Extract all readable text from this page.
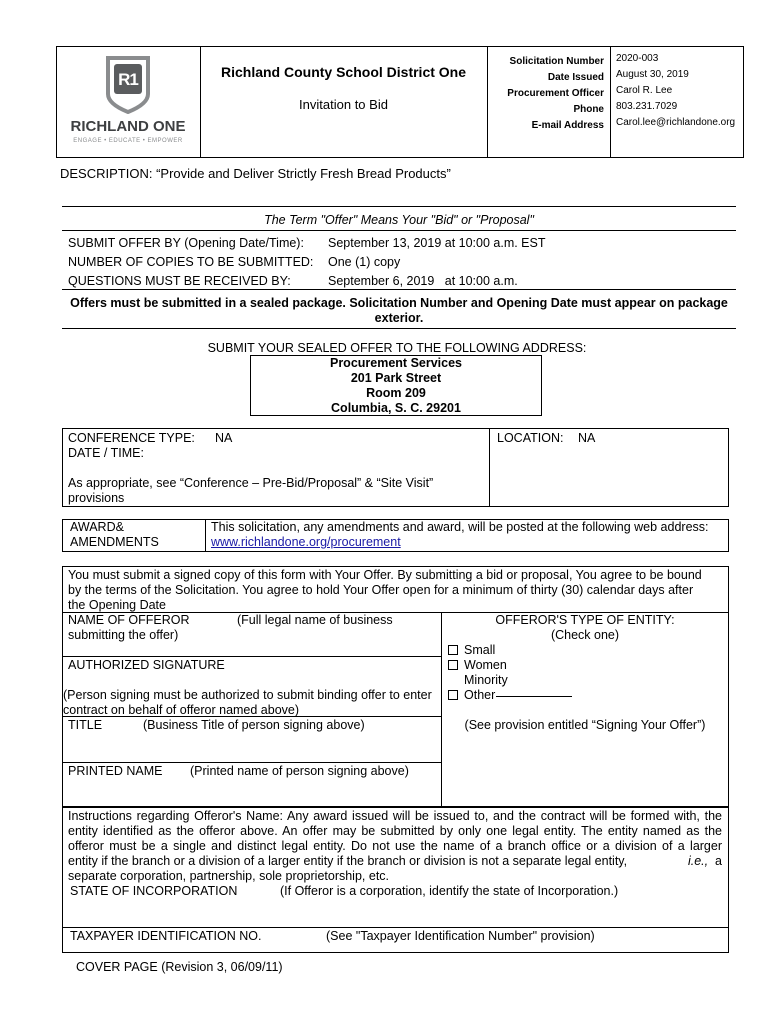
R1
RICHLAND ONE
ENGAGE • EDUCATE • EMPOWER
Richland County School District One
Invitation to Bid
Solicitation Number 2020-003
Date Issued August 30, 2019
Procurement Officer Carol R. Lee
Phone 803.231.7029
E-mail Address Carol.lee@richlandone.org
DESCRIPTION: “Provide and Deliver Strictly Fresh Bread Products”
The Term "Offer" Means Your "Bid" or "Proposal"
SUBMIT OFFER BY (Opening Date/Time): September 13, 2019 at 10:00 a.m. EST
NUMBER OF COPIES TO BE SUBMITTED: One (1) copy
QUESTIONS MUST BE RECEIVED BY:	September 6, 2019   at 10:00 a.m.
Offers must be submitted in a sealed package. Solicitation Number and Opening Date must appear on package
exterior.
SUBMIT YOUR SEALED OFFER TO THE FOLLOWING ADDRESS:
Procurement Services
201 Park Street
Room 209
Columbia, S. C. 29201
CONFERENCE TYPE: NA
DATE / TIME:
As appropriate, see “Conference – Pre-Bid/Proposal” & “Site Visit”
provisions
LOCATION: NA
AWARD&
AMENDMENTS
This solicitation, any amendments and award, will be posted at the following web address:
www.richlandone.org/procurement
You must submit a signed copy of this form with Your Offer. By submitting a bid or proposal, You agree to be bound
by the terms of the Solicitation. You agree to hold Your Offer open for a minimum of thirty (30) calendar days after
the Opening Date
NAME OF OFFEROR	(Full legal name of business
submitting the offer)
AUTHORIZED SIGNATURE
(Person signing must be authorized to submit binding offer to enter
contract on behalf of offeror named above)
TITLE	(Business Title of person signing above)
PRINTED NAME (Printed name of person signing above)
OFFEROR'S TYPE OF ENTITY:
(Check one)
Small
Women
Minority
Other
(See provision entitled “Signing Your Offer”)
Instructions regarding Offeror's Name: Any award issued will be issued to, and the contract will be formed with, the
entity identified as the offeror above. An offer may be submitted by only one legal entity. The entity named as the
offeror must be a single and distinct legal entity. Do not use the name of a branch office or a division of a larger
entity if the branch or a division of a larger entity if the branch or division is not a separate legal entity,	i.e., a
separate corporation, partnership, sole proprietorship, etc.
STATE OF INCORPORATION	(If Offeror is a corporation, identify the state of Incorporation.)
TAXPAYER IDENTIFICATION NO.	(See "Taxpayer Identification Number" provision)
COVER PAGE (Revision 3, 06/09/11)
